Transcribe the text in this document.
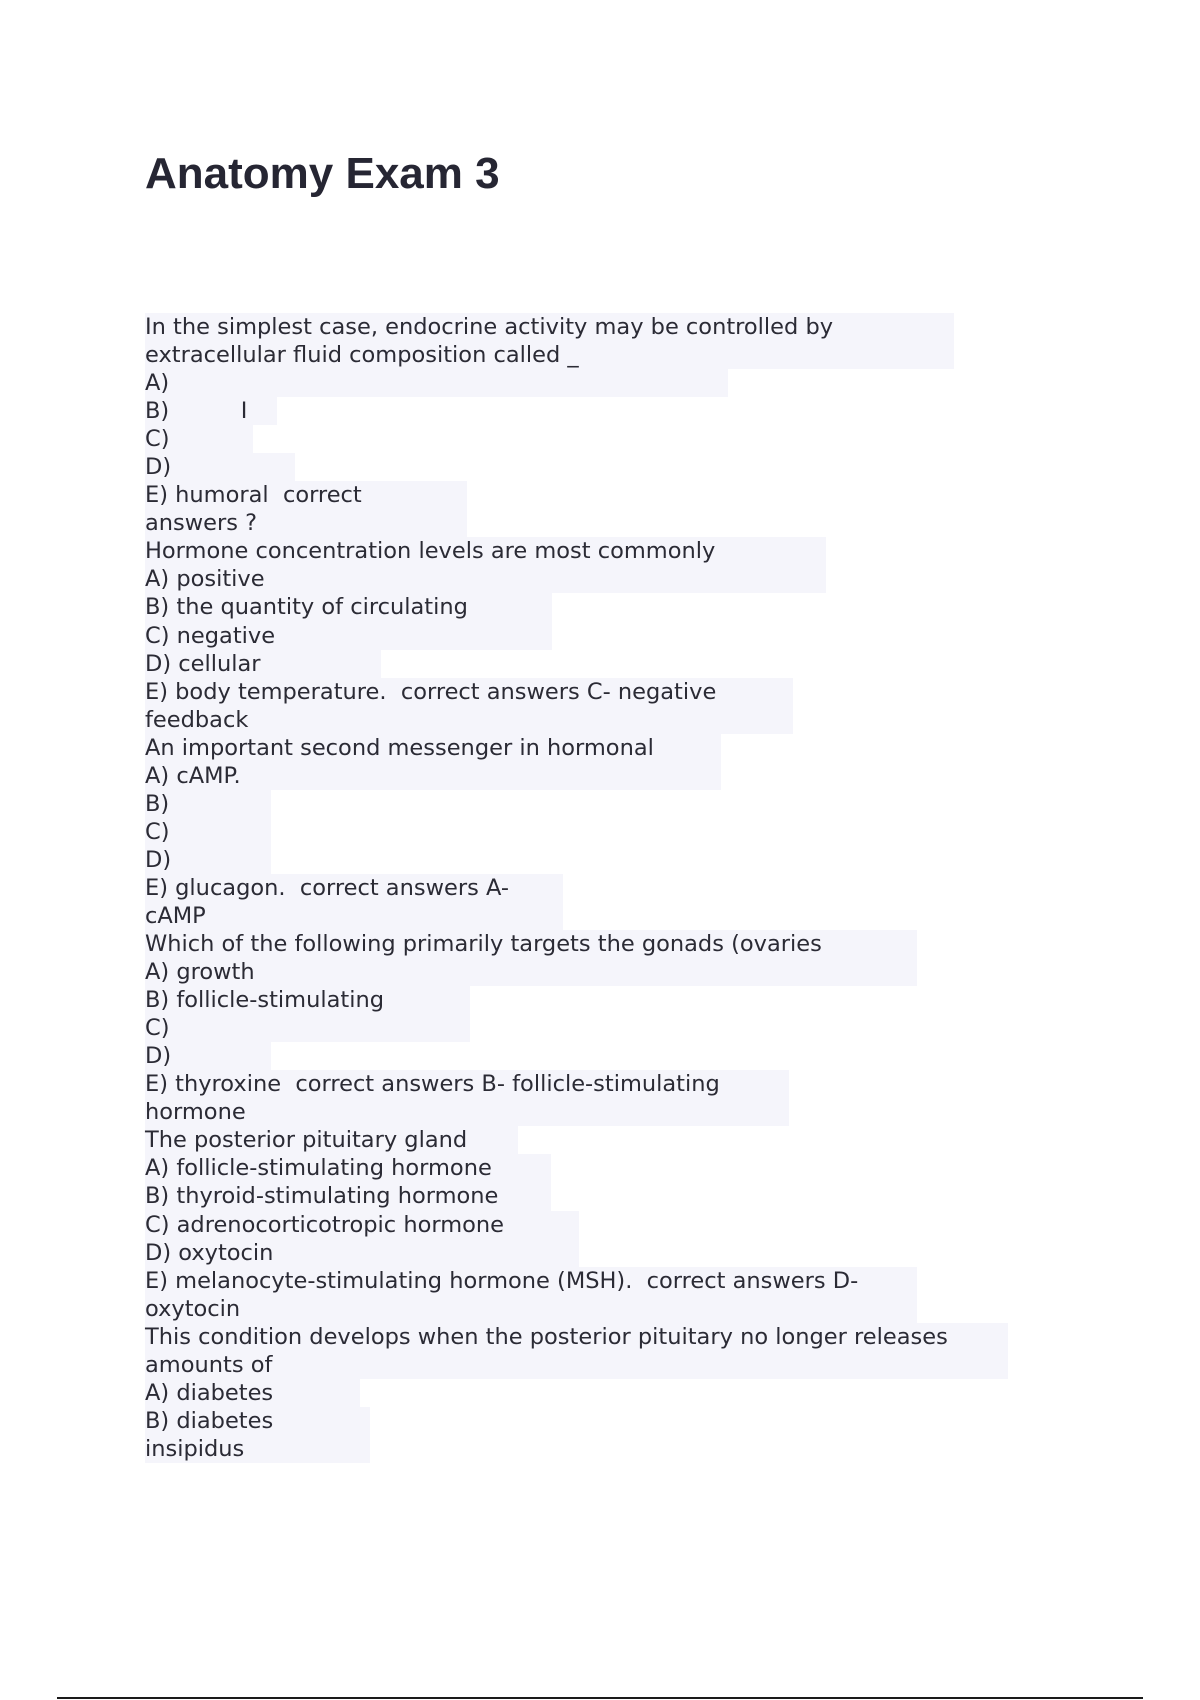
Anatomy Exam 3
In the simplest case, endocrine activity may be controlled by
extracellular fluid composition called _
A)
B)          I
C)
D)
E) humoral  correct
answers ?
Hormone concentration levels are most commonly
A) positive
B) the quantity of circulating
C) negative
D) cellular
E) body temperature.  correct answers C- negative
feedback
An important second messenger in hormonal
A) cAMP.
B)
C)
D)
E) glucagon.  correct answers A-
cAMP
Which of the following primarily targets the gonads (ovaries
A) growth
B) follicle-stimulating
C)
D)
E) thyroxine  correct answers B- follicle-stimulating
hormone
The posterior pituitary gland
A) follicle-stimulating hormone
B) thyroid-stimulating hormone
C) adrenocorticotropic hormone
D) oxytocin
E) melanocyte-stimulating hormone (MSH).  correct answers D-
oxytocin
This condition develops when the posterior pituitary no longer releases
amounts of
A) diabetes
B) diabetes
insipidus
